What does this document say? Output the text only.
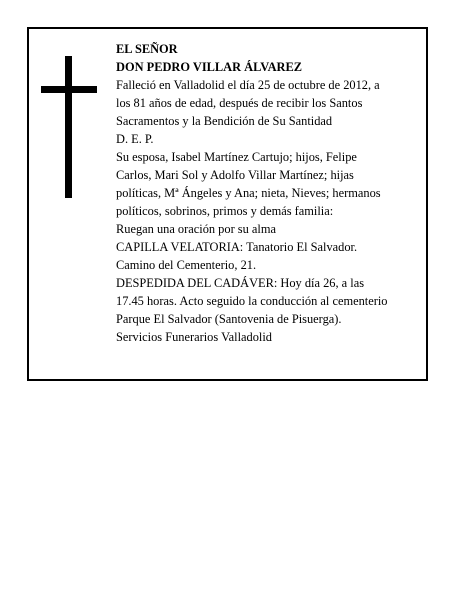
EL SEÑOR
DON PEDRO VILLAR ÁLVAREZ
Falleció en Valladolid el día 25 de octubre de 2012, a
los 81 años de edad, después de recibir los Santos
Sacramentos y la Bendición de Su Santidad
D. E. P.
Su esposa, Isabel Martínez Cartujo; hijos, Felipe
Carlos, Mari Sol y Adolfo Villar Martínez; hijas
políticas, Mª Ángeles y Ana; nieta, Nieves; hermanos
políticos, sobrinos, primos y demás familia:
Ruegan una oración por su alma
CAPILLA VELATORIA: Tanatorio El Salvador.
Camino del Cementerio, 21.
DESPEDIDA DEL CADÁVER: Hoy día 26, a las
17.45 horas. Acto seguido la conducción al cementerio
Parque El Salvador (Santovenia de Pisuerga).
Servicios Funerarios Valladolid
